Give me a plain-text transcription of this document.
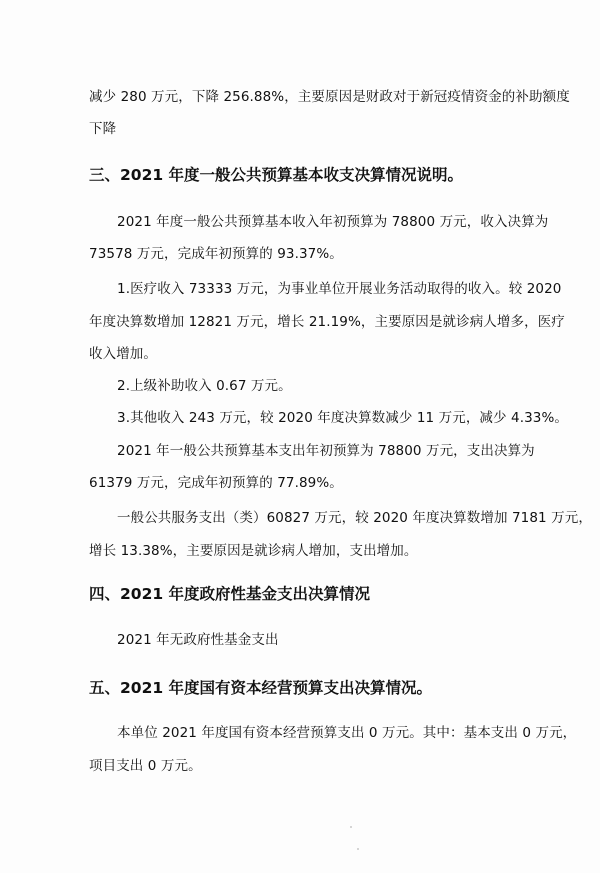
减少 280 万元，下降 256.88%，主要原因是财政对于新冠疫情资金的补助额度
下降
三、2021 年度一般公共预算基本收支决算情况说明。
2021 年度一般公共预算基本收入年初预算为 78800 万元，收入决算为
73578 万元，完成年初预算的 93.37%。
1.医疗收入 73333 万元，为事业单位开展业务活动取得的收入。较 2020
年度决算数增加 12821 万元，增长 21.19%，主要原因是就诊病人增多，医疗
收入增加。
2.上级补助收入 0.67 万元。
3.其他收入 243 万元，较 2020 年度决算数减少 11 万元，减少 4.33%。
2021 年一般公共预算基本支出年初预算为 78800 万元，支出决算为
61379 万元，完成年初预算的 77.89%。
一般公共服务支出（类）60827 万元，较 2020 年度决算数增加 7181 万元，
增长 13.38%，主要原因是就诊病人增加，支出增加。
四、2021 年度政府性基金支出决算情况
2021 年无政府性基金支出
五、2021 年度国有资本经营预算支出决算情况。
本单位 2021 年度国有资本经营预算支出 0 万元。其中：基本支出 0 万元，
项目支出 0 万元。
